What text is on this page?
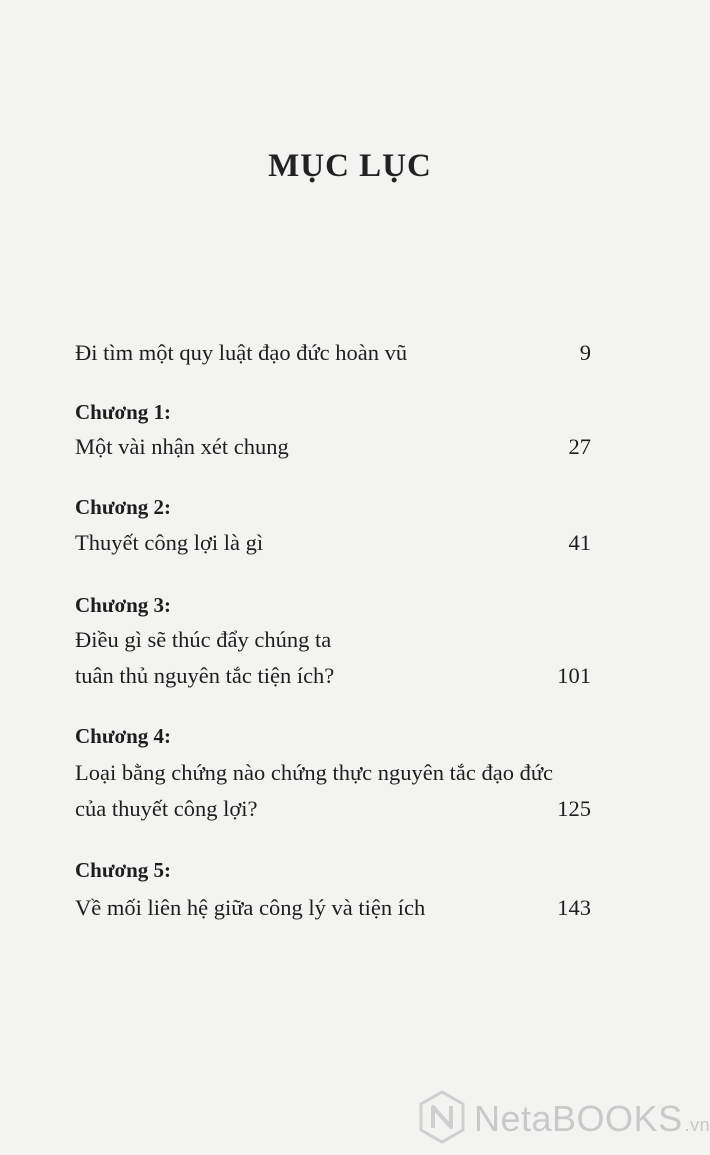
MỤC LỤC
Đi tìm một quy luật đạo đức hoàn vũ	9
Chương 1:
Một vài nhận xét chung	27
Chương 2:
Thuyết công lợi là gì	41
Chương 3:
Điều gì sẽ thúc đẩy chúng ta
tuân thủ nguyên tắc tiện ích?	101
Chương 4:
Loại bằng chứng nào chứng thực nguyên tắc đạo đức
của thuyết công lợi?	125
Chương 5:
Về mối liên hệ giữa công lý và tiện ích	143
NetaBOOKS .vn
